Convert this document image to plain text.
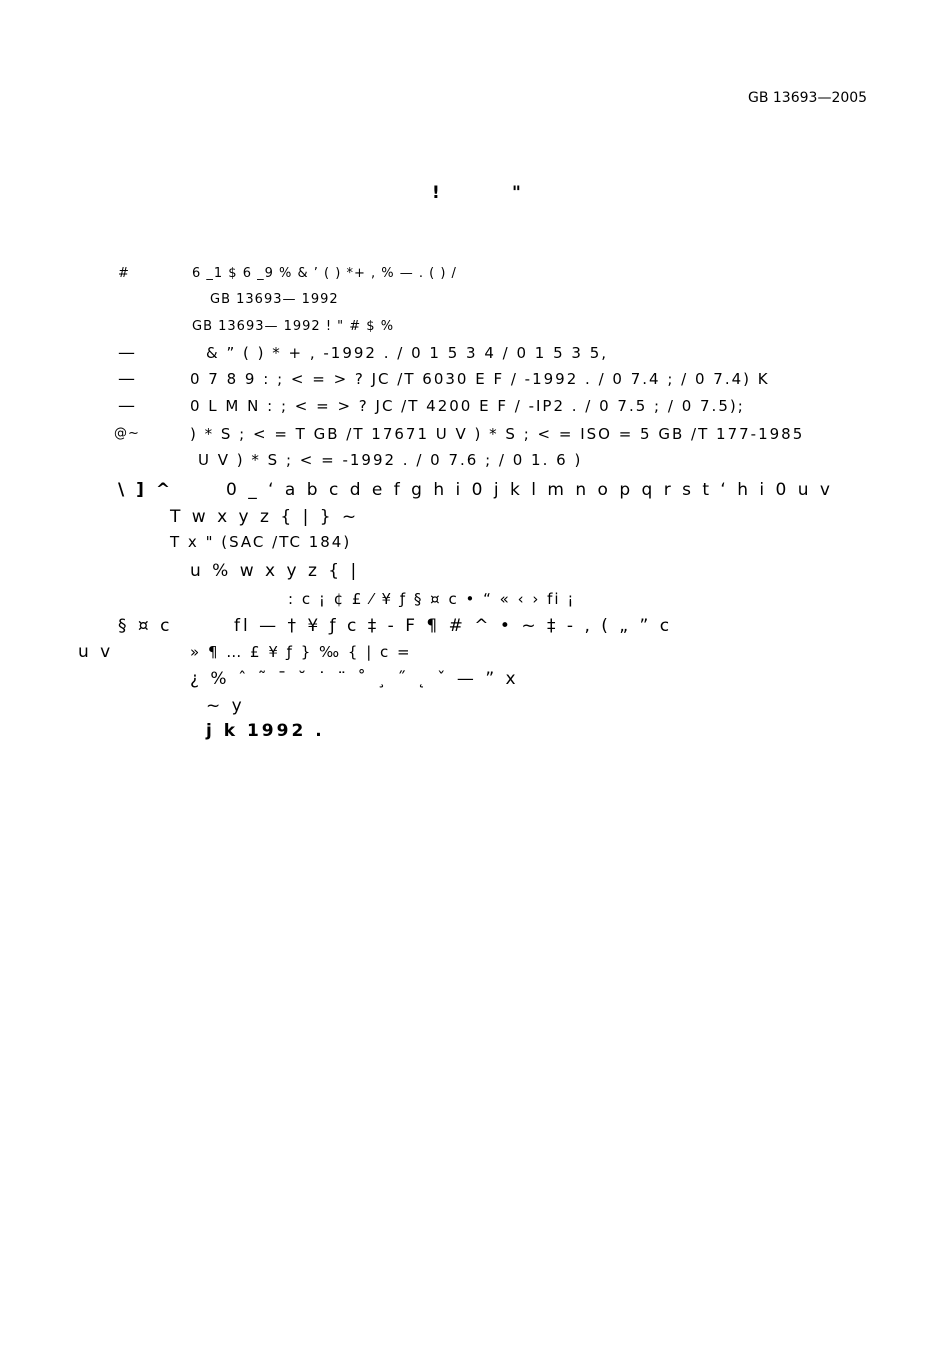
GB 13693—2005
!	"
#	6 _1 $ 6 _9 % & ’ ( ) *+ , % — . ( ) /
GB 13693— 1992
GB 13693— 1992 ! " # $ %
—	& ” ( ) * + , -1992 . / 0 1 5 3 4 / 0 1 5 3 5,
—	0 7 8 9 : ; < = > ? JC /T 6030 E F / -1992 . / 0 7.4 ; / 0 7.4) K
—	0 L M N : ; < = > ? JC /T 4200 E F / -IP2 . / 0 7.5 ; / 0 7.5);
@~	) * S ; < = T GB /T 17671 U V ) * S ; < = ISO = 5 GB /T 177-1985
U V ) * S ; < = -1992 . / 0 7.6 ; / 0 1. 6 )
\ ] ^	0 _ ‘ a b c d e f g h i 0 j k l m n o p q r s t ‘ h i 0 u v
T w x y z { | } ~
T x " (SAC /TC 184)
u % w x y z { |
: c ¡ ¢ £ ⁄ ¥ ƒ § ¤ c • “ « ‹ › fi ¡
§ ¤ c	fl — † ¥ ƒ c ‡ - F ¶ # ^ • ~ ‡ - , ( „ ” c
u v	» ¶ … £ ¥ ƒ } ‰ { | c =
¿ % ˆ ˜ ¯ ˘ ˙ ¨ ˚ ¸ ˝ ˛ ˇ — ” x
~ y
j k 1992 .
